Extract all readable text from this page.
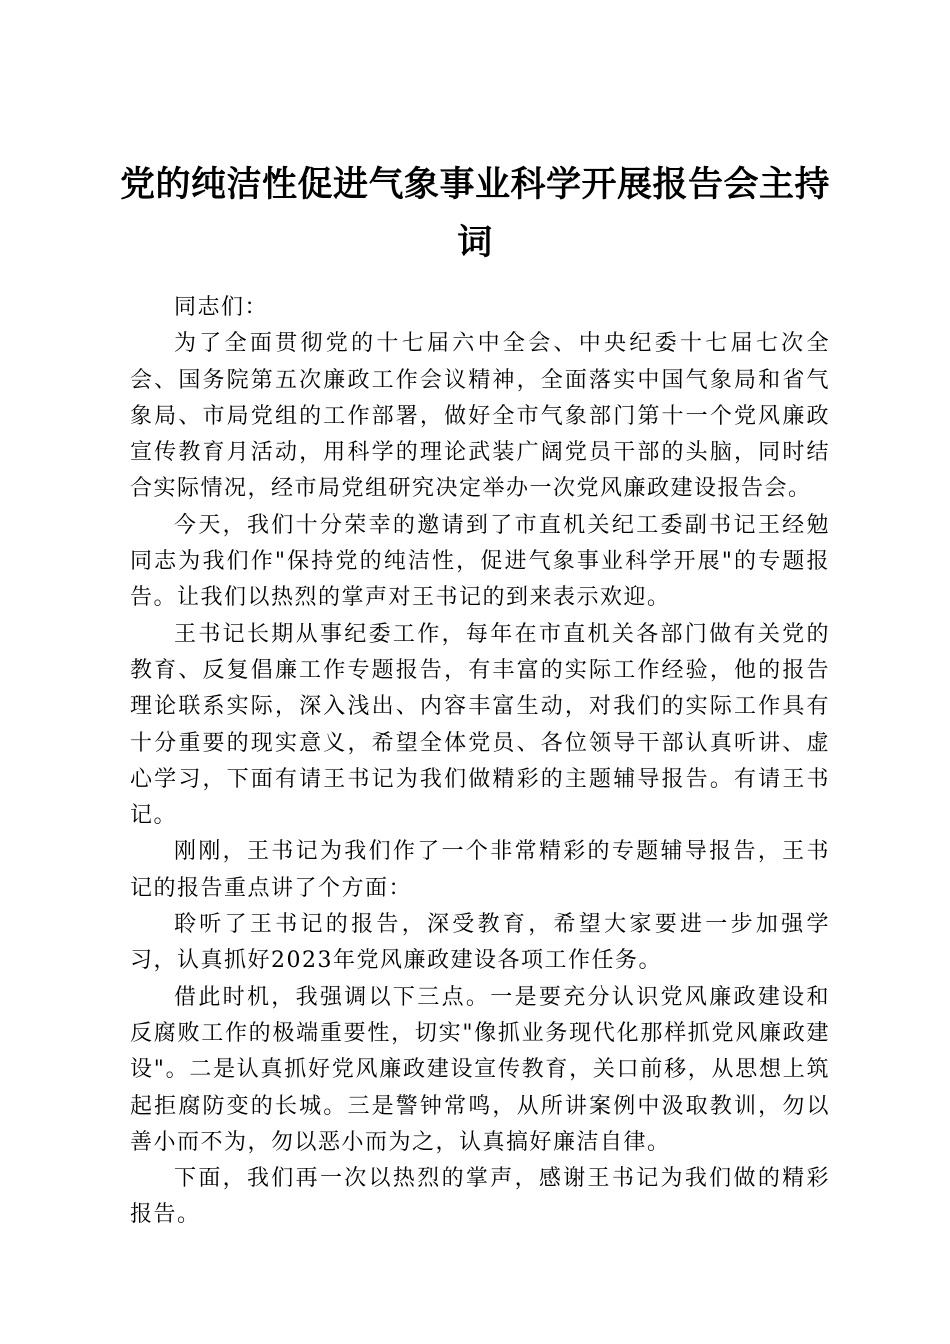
党的纯洁性促进气象事业科学开展报告会主持词

同志们：

为了全面贯彻党的十七届六中全会、中央纪委十七届七次全会、国务院第五次廉政工作会议精神，全面落实中国气象局和省气象局、市局党组的工作部署，做好全市气象部门第十一个党风廉政宣传教育月活动，用科学的理论武装广阔党员干部的头脑，同时结合实际情况，经市局党组研究决定举办一次党风廉政建设报告会。

今天，我们十分荣幸的邀请到了市直机关纪工委副书记王经勉同志为我们作"保持党的纯洁性，促进气象事业科学开展"的专题报告。让我们以热烈的掌声对王书记的到来表示欢迎。

王书记长期从事纪委工作，每年在市直机关各部门做有关党的教育、反复倡廉工作专题报告，有丰富的实际工作经验，他的报告理论联系实际，深入浅出、内容丰富生动，对我们的实际工作具有十分重要的现实意义，希望全体党员、各位领导干部认真听讲、虚心学习，下面有请王书记为我们做精彩的主题辅导报告。有请王书记。

刚刚，王书记为我们作了一个非常精彩的专题辅导报告，王书记的报告重点讲了个方面：

聆听了王书记的报告，深受教育，希望大家要进一步加强学习，认真抓好2023年党风廉政建设各项工作任务。

借此时机，我强调以下三点。一是要充分认识党风廉政建设和反腐败工作的极端重要性，切实"像抓业务现代化那样抓党风廉政建设"。二是认真抓好党风廉政建设宣传教育，关口前移，从思想上筑起拒腐防变的长城。三是警钟常鸣，从所讲案例中汲取教训，勿以善小而不为，勿以恶小而为之，认真搞好廉洁自律。

下面，我们再一次以热烈的掌声，感谢王书记为我们做的精彩报告。
